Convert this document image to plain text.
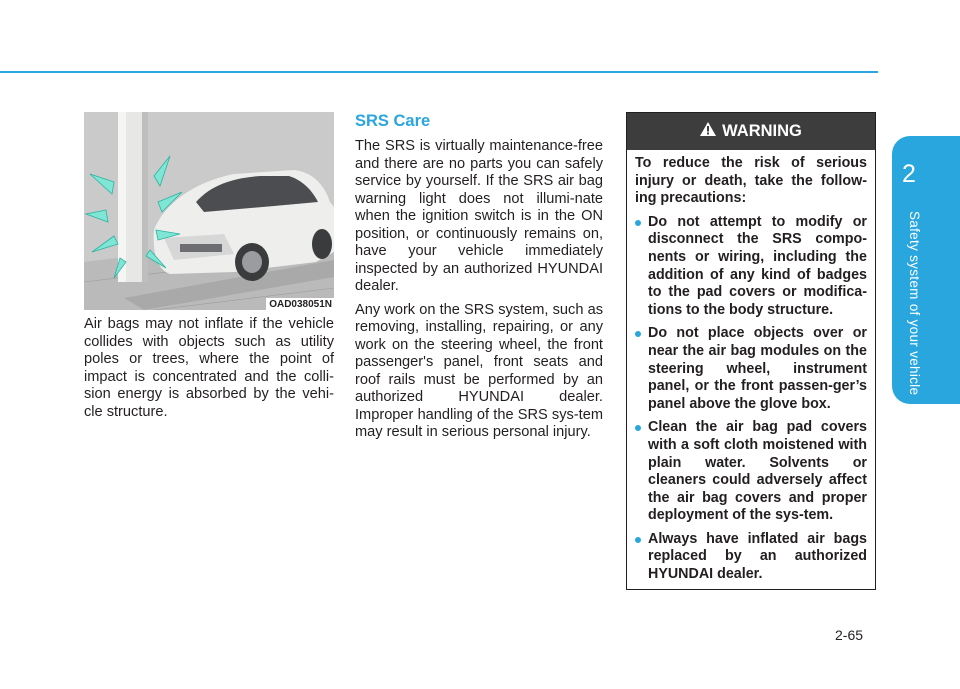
2
Safety system of your vehicle
OAD038051N

Air bags may not inflate if the vehicle collides with objects such as utility poles or trees, where the point of impact is concentrated and the colli-sion energy is absorbed by the vehi-cle structure.

SRS Care

The SRS is virtually maintenance-free and there are no parts you can safely service by yourself. If the SRS air bag warning light does not illumi-nate when the ignition switch is in the ON position, or continuously remains on, have your vehicle immediately inspected by an authorized HYUNDAI dealer.

Any work on the SRS system, such as removing, installing, repairing, or any work on the steering wheel, the front passenger's panel, front seats and roof rails must be performed by an authorized HYUNDAI dealer. Improper handling of the SRS sys-tem may result in serious personal injury.

WARNING

To reduce the risk of serious injury or death, take the follow-ing precautions:

Do not attempt to modify or disconnect the SRS compo-nents or wiring, including the addition of any kind of badges to the pad covers or modifica-tions to the body structure.
Do not place objects over or near the air bag modules on the steering wheel, instrument panel, or the front passen-ger’s panel above the glove box.
Clean the air bag pad covers with a soft cloth moistened with plain water. Solvents or cleaners could adversely affect the air bag covers and proper deployment of the sys-tem.
Always have inflated air bags replaced by an authorized HYUNDAI dealer.
2-65
